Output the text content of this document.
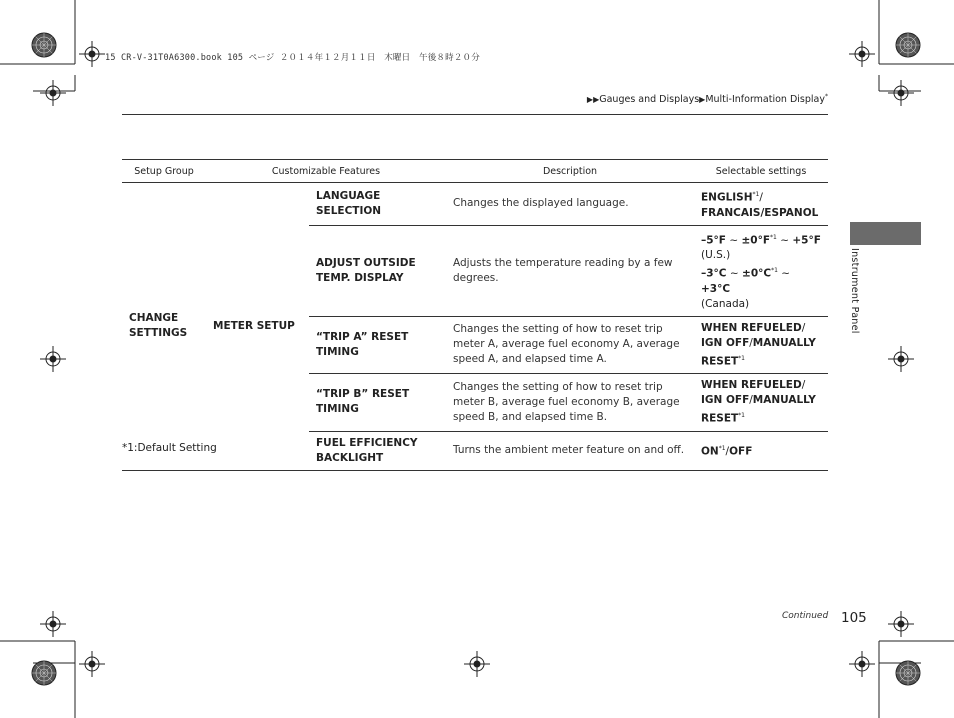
15 CR-V-31T0A6300.book 105 ページ ２０１４年１２月１１日　木曜日　午後８時２０分
▶▶Gauges and Displays▶Multi-Information Display*
Instrument Panel
Setup Group	Customizable Features		Description	Selectable settings
CHANGE SETTINGS	METER SETUP	LANGUAGE SELECTION	Changes the displayed language.	ENGLISH$^{*1}$/
FRANCAIS/ESPANOL
		ADJUST OUTSIDE TEMP. DISPLAY	Adjusts the temperature reading by a few degrees.	–5°F ~ $\pm 0^\circ F^{*1}$ ~ +5°F
(U.S.)
–3°C ~ $\pm 0^\circ C^{*1}$ ~ +3°C
(Canada)
		“TRIP A” RESET TIMING	Changes the setting of how to reset trip meter A, average fuel economy A, average speed A, and elapsed time A.	WHEN REFUELED/
IGN OFF/MANUALLY RESET$^{*1}$
		“TRIP B” RESET TIMING	Changes the setting of how to reset trip meter B, average fuel economy B, average speed B, and elapsed time B.	WHEN REFUELED/
IGN OFF/MANUALLY RESET$^{*1}$
		FUEL EFFICIENCY BACKLIGHT	Turns the ambient meter feature on and off.	ON$^{*1}$/OFF
*1:Default Setting
Continued 105
